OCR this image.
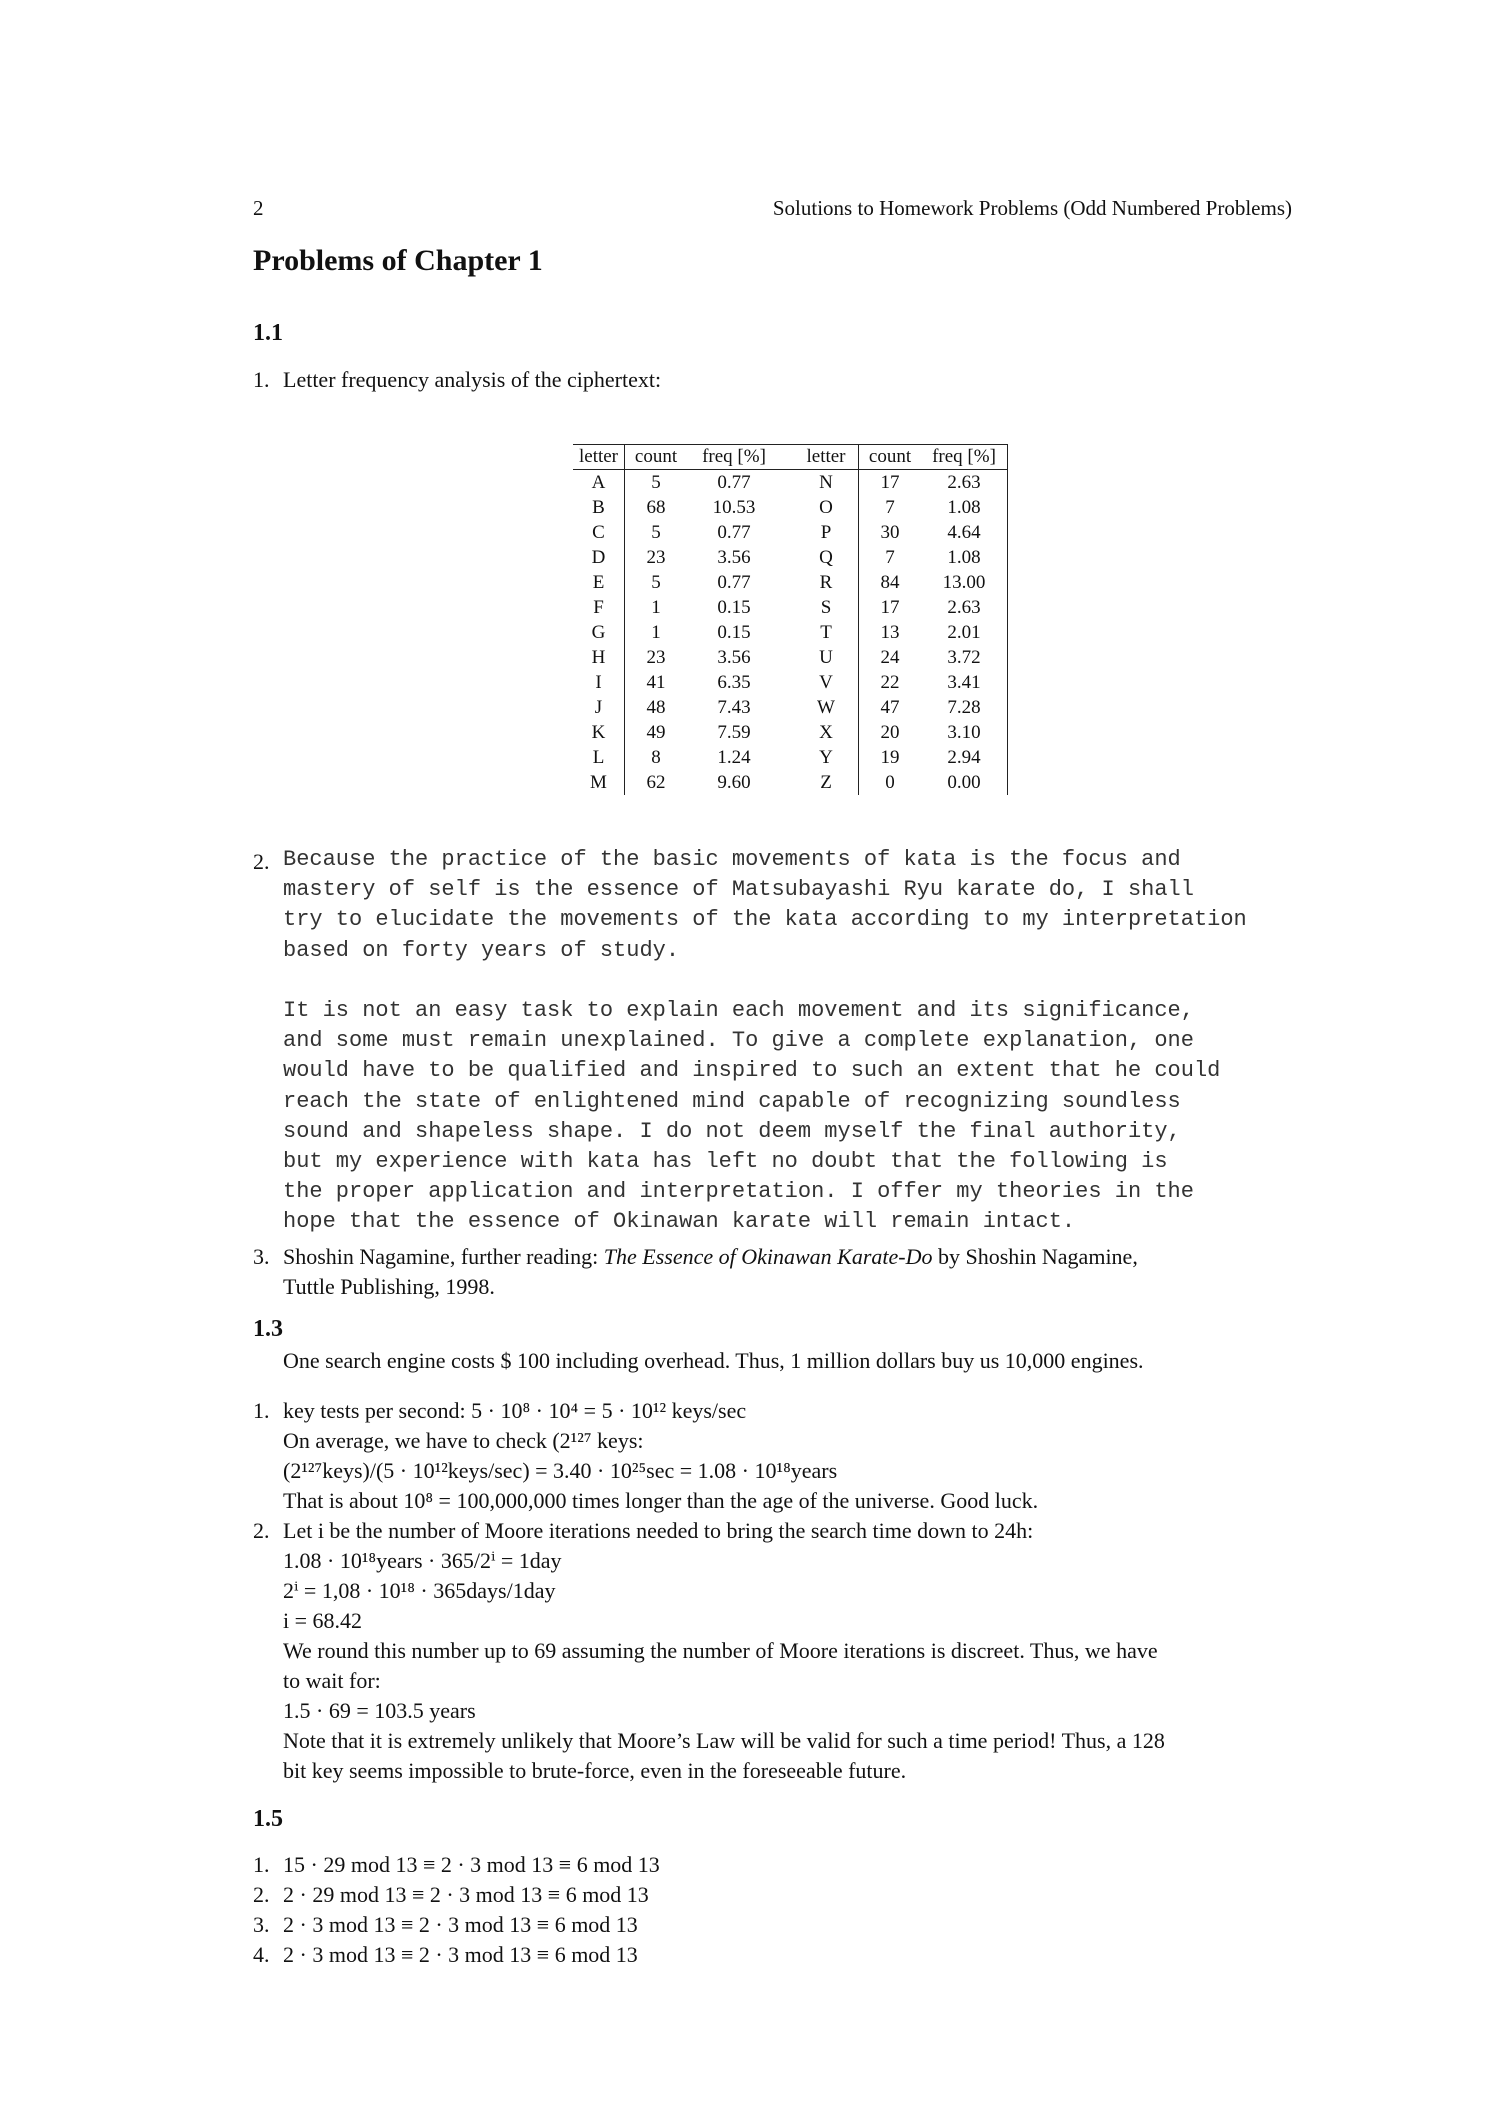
2	Solutions to Homework Problems (Odd Numbered Problems)
Problems of Chapter 1
1.1
1. Letter frequency analysis of the ciphertext:
letter	count	freq [%]	letter	count	freq [%]
A	5	0.77	N	17	2.63
B	68	10.53	O	7	1.08
C	5	0.77	P	30	4.64
D	23	3.56	Q	7	1.08
E	5	0.77	R	84	13.00
F	1	0.15	S	17	2.63
G	1	0.15	T	13	2.01
H	23	3.56	U	24	3.72
I	41	6.35	V	22	3.41
J	48	7.43	W	47	7.28
K	49	7.59	X	20	3.10
L	8	1.24	Y	19	2.94
M	62	9.60	Z	0	0.00
2. Because the practice of the basic movements of kata is the focus and
mastery of self is the essence of Matsubayashi Ryu karate do, I shall
try to elucidate the movements of the kata according to my interpretation
based on forty years of study.
It is not an easy task to explain each movement and its significance,
and some must remain unexplained. To give a complete explanation, one
would have to be qualified and inspired to such an extent that he could
reach the state of enlightened mind capable of recognizing soundless
sound and shapeless shape. I do not deem myself the final authority,
but my experience with kata has left no doubt that the following is
the proper application and interpretation. I offer my theories in the
hope that the essence of Okinawan karate will remain intact.
3. Shoshin Nagamine, further reading: The Essence of Okinawan Karate-Do by Shoshin Nagamine,
Tuttle Publishing, 1998.
1.3
One search engine costs $ 100 including overhead. Thus, 1 million dollars buy us 10,000 engines.
1. key tests per second: 5 · 10⁸ · 10⁴ = 5 · 10¹² keys/sec
On average, we have to check (2¹²⁷ keys:
(2¹²⁷keys)/(5 · 10¹²keys/sec) = 3.40 · 10²⁵sec = 1.08 · 10¹⁸years
That is about 10⁸ = 100,000,000 times longer than the age of the universe. Good luck.
2. Let i be the number of Moore iterations needed to bring the search time down to 24h:
1.08 · 10¹⁸years · 365/2ⁱ = 1day
2ⁱ = 1,08 · 10¹⁸ · 365days/1day
i = 68.42
We round this number up to 69 assuming the number of Moore iterations is discreet. Thus, we have
to wait for:
1.5 · 69 = 103.5 years
Note that it is extremely unlikely that Moore’s Law will be valid for such a time period! Thus, a 128
bit key seems impossible to brute-force, even in the foreseeable future.
1.5
1. 15 · 29 mod 13 ≡ 2 · 3 mod 13 ≡ 6 mod 13
2. 2 · 29 mod 13 ≡ 2 · 3 mod 13 ≡ 6 mod 13
3. 2 · 3 mod 13 ≡ 2 · 3 mod 13 ≡ 6 mod 13
4. 2 · 3 mod 13 ≡ 2 · 3 mod 13 ≡ 6 mod 13
